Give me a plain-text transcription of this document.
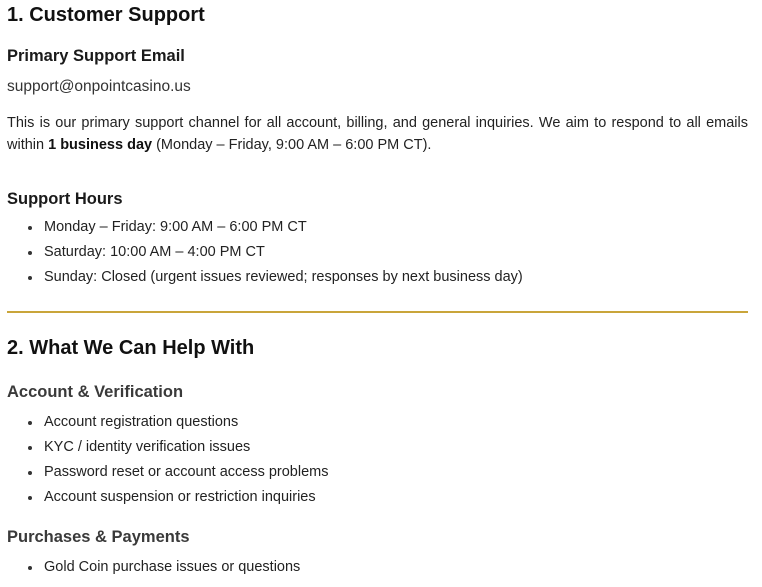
1. Customer Support
Primary Support Email
support@onpointcasino.us

This is our primary support channel for all account, billing, and general inquiries. We aim to respond to all emails within 1 business day (Monday – Friday, 9:00 AM – 6:00 PM CT).

Support Hours
Monday – Friday: 9:00 AM – 6:00 PM CT
Saturday: 10:00 AM – 4:00 PM CT
Sunday: Closed (urgent issues reviewed; responses by next business day)
2. What We Can Help With
Account & Verification
Account registration questions
KYC / identity verification issues
Password reset or account access problems
Account suspension or restriction inquiries
Purchases & Payments
Gold Coin purchase issues or questions
